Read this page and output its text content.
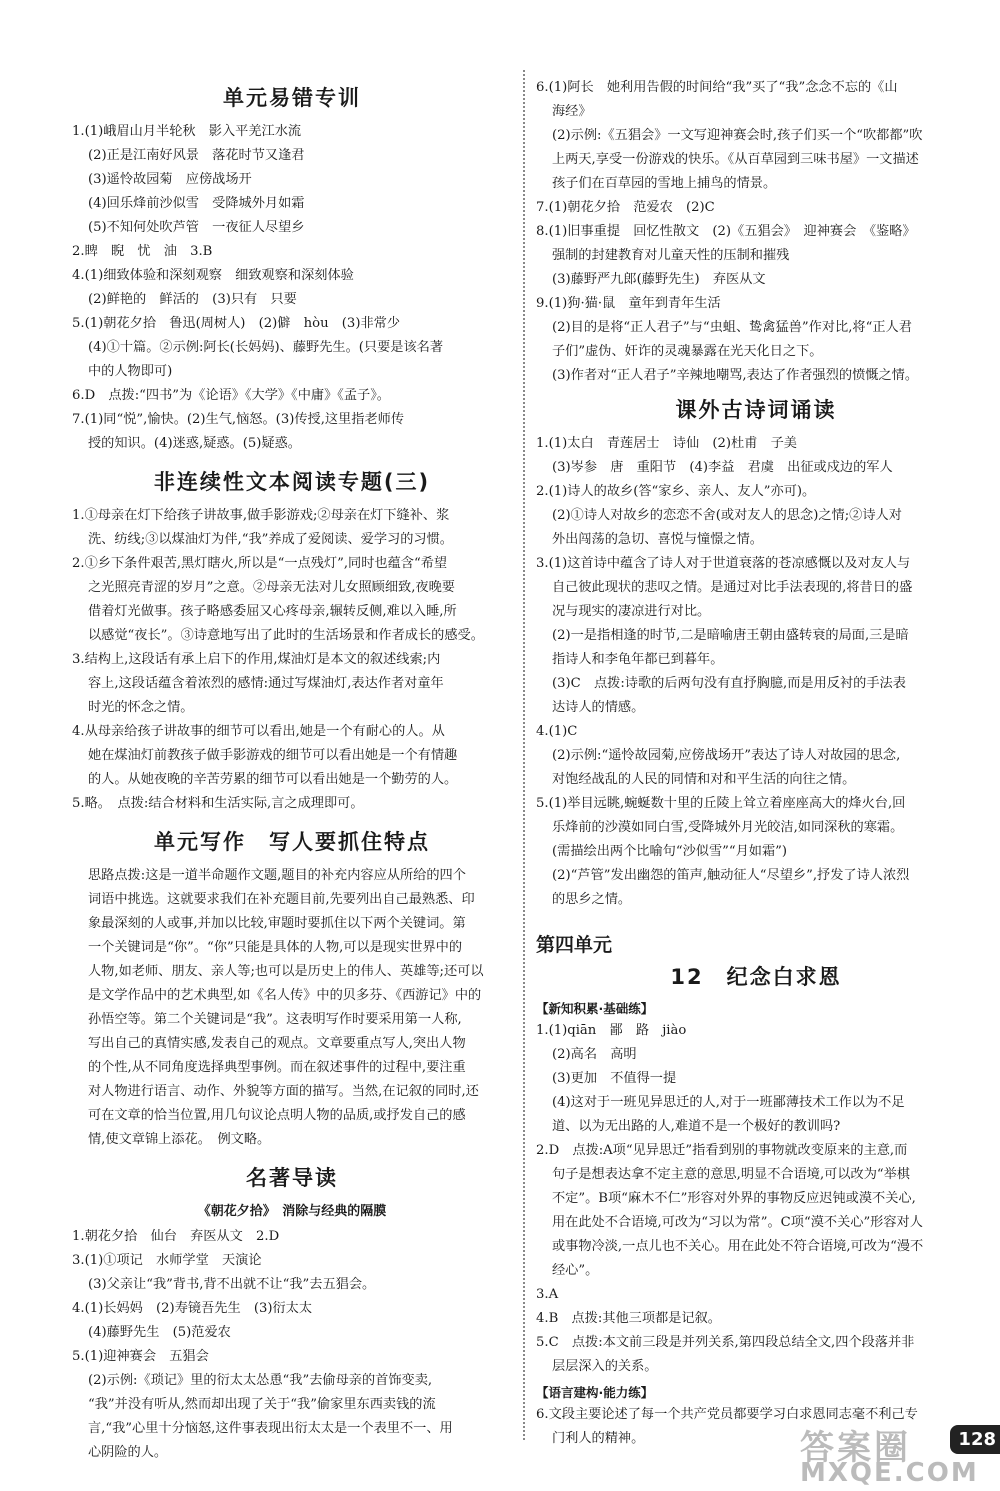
单元易错专训
1.(1)峨眉山月半轮秋　影入平羌江水流
(2)正是江南好风景　落花时节又逢君
(3)遥怜故园菊　应傍战场开
(4)回乐烽前沙似雪　受降城外月如霜
(5)不知何处吹芦管　一夜征人尽望乡
2.睥　睨　忧　油　3.B
4.(1)细致体验和深刻观察　细致观察和深刻体验
(2)鲜艳的　鲜活的　(3)只有　只要
5.(1)朝花夕拾　鲁迅(周树人)　(2)僻　hòu　(3)非常少
(4)①十篇。②示例:阿长(长妈妈)、藤野先生。(只要是该名著
中的人物即可)
6.D　点拨:“四书”为《论语》《大学》《中庸》《孟子》。
7.(1)同“悦”,愉快。(2)生气,恼怒。(3)传授,这里指老师传
授的知识。(4)迷惑,疑惑。(5)疑惑。
非连续性文本阅读专题(三)
1.①母亲在灯下给孩子讲故事,做手影游戏;②母亲在灯下缝补、浆
洗、纺线;③以煤油灯为伴,“我”养成了爱阅读、爱学习的习惯。
2.①乡下条件艰苦,黑灯瞎火,所以是“一点残灯”,同时也蕴含“希望
之光照亮青涩的岁月”之意。②母亲无法对儿女照顾细致,夜晚要
借着灯光做事。孩子略感委屈又心疼母亲,辗转反侧,难以入睡,所
以感觉“夜长”。③诗意地写出了此时的生活场景和作者成长的感受。
3.结构上,这段话有承上启下的作用,煤油灯是本文的叙述线索;内
容上,这段话蕴含着浓烈的感情:通过写煤油灯,表达作者对童年
时光的怀念之情。
4.从母亲给孩子讲故事的细节可以看出,她是一个有耐心的人。从
她在煤油灯前教孩子做手影游戏的细节可以看出她是一个有情趣
的人。从她夜晚的辛苦劳累的细节可以看出她是一个勤劳的人。
5.略。　点拨:结合材料和生活实际,言之成理即可。
单元写作　写人要抓住特点
思路点拨:这是一道半命题作文题,题目的补充内容应从所给的四个
词语中挑选。这就要求我们在补充题目前,先要列出自己最熟悉、印
象最深刻的人或事,并加以比较,审题时要抓住以下两个关键词。第
一个关键词是“你”。“你”只能是具体的人物,可以是现实世界中的
人物,如老师、朋友、亲人等;也可以是历史上的伟人、英雄等;还可以
是文学作品中的艺术典型,如《名人传》中的贝多芬、《西游记》中的
孙悟空等。第二个关键词是“我”。这表明写作时要采用第一人称,
写出自己的真情实感,发表自己的观点。文章要重点写人,突出人物
的个性,从不同角度选择典型事例。而在叙述事件的过程中,要注重
对人物进行语言、动作、外貌等方面的描写。当然,在记叙的同时,还
可在文章的恰当位置,用几句议论点明人物的品质,或抒发自己的感
情,使文章锦上添花。　例文略。
名著导读
《朝花夕拾》　消除与经典的隔膜
1.朝花夕拾　仙台　弃医从文　2.D
3.(1)①项记　水师学堂　天演论
(3)父亲让“我”背书,背不出就不让“我”去五猖会。
4.(1)长妈妈　(2)寿镜吾先生　(3)衍太太
(4)藤野先生　(5)范爱农
5.(1)迎神赛会　五猖会
(2)示例:《琐记》里的衍太太怂恿“我”去偷母亲的首饰变卖,
“我”并没有听从,然而却出现了关于“我”偷家里东西卖钱的流
言,“我”心里十分恼怒,这件事表现出衍太太是一个表里不一、用
心阴险的人。
6.(1)阿长　她利用告假的时间给“我”买了“我”念念不忘的《山
海经》
(2)示例:《五猖会》一文写迎神赛会时,孩子们买一个“吹都都”吹
上两天,享受一份游戏的快乐。《从百草园到三味书屋》一文描述
孩子们在百草园的雪地上捕鸟的情景。
7.(1)朝花夕拾　范爱农　(2)C
8.(1)旧事重提　回忆性散文　(2)《五猖会》　迎神赛会　《鉴略》
强制的封建教育对儿童天性的压制和摧残
(3)藤野严九郎(藤野先生)　弃医从文
9.(1)狗·猫·鼠　童年到青年生活
(2)目的是将“正人君子”与“虫蛆、鸷禽猛兽”作对比,将“正人君
子们”虚伪、奸诈的灵魂暴露在光天化日之下。
(3)作者对“正人君子”辛辣地嘲骂,表达了作者强烈的愤慨之情。
课外古诗词诵读
1.(1)太白　青莲居士　诗仙　(2)杜甫　子美
(3)岑参　唐　重阳节　(4)李益　君虞　出征或戍边的军人
2.(1)诗人的故乡(答“家乡、亲人、友人”亦可)。
(2)①诗人对故乡的恋恋不舍(或对友人的思念)之情;②诗人对
外出闯荡的急切、喜悦与憧憬之情。
3.(1)这首诗中蕴含了诗人对于世道衰落的苍凉感慨以及对友人与
自己彼此现状的悲叹之情。是通过对比手法表现的,将昔日的盛
况与现实的凄凉进行对比。
(2)一是指相逢的时节,二是暗喻唐王朝由盛转衰的局面,三是暗
指诗人和李龟年都已到暮年。
(3)C　点拨:诗歌的后两句没有直抒胸臆,而是用反衬的手法表
达诗人的情感。
4.(1)C
(2)示例:“遥怜故园菊,应傍战场开”表达了诗人对故园的思念,
对饱经战乱的人民的同情和对和平生活的向往之情。
5.(1)举目远眺,蜿蜒数十里的丘陵上耸立着座座高大的烽火台,回
乐烽前的沙漠如同白雪,受降城外月光皎洁,如同深秋的寒霜。
(需描绘出两个比喻句“沙似雪”“月如霜”)
(2)“芦管”发出幽怨的笛声,触动征人“尽望乡”,抒发了诗人浓烈
的思乡之情。
第四单元
12　纪念白求恩
【新知积累·基础练】
1.(1)qiān　鄙　路　jiào
(2)高名　高明
(3)更加　不值得一提
(4)这对于一班见异思迁的人,对于一班鄙薄技术工作以为不足
道、以为无出路的人,难道不是一个极好的教训吗?
2.D　点拨:A项“见异思迁”指看到别的事物就改变原来的主意,而
句子是想表达拿不定主意的意思,明显不合语境,可以改为“举棋
不定”。B项“麻木不仁”形容对外界的事物反应迟钝或漠不关心,
用在此处不合语境,可改为“习以为常”。C项“漠不关心”形容对人
或事物冷淡,一点儿也不关心。用在此处不符合语境,可改为“漫不
经心”。
3.A
4.B　点拨:其他三项都是记叙。
5.C　点拨:本文前三段是并列关系,第四段总结全文,四个段落并非
层层深入的关系。
【语言建构·能力练】
6.文段主要论述了每一个共产党员都要学习白求恩同志毫不利己专
门利人的精神。	答案圈
MXQE.COM
128
